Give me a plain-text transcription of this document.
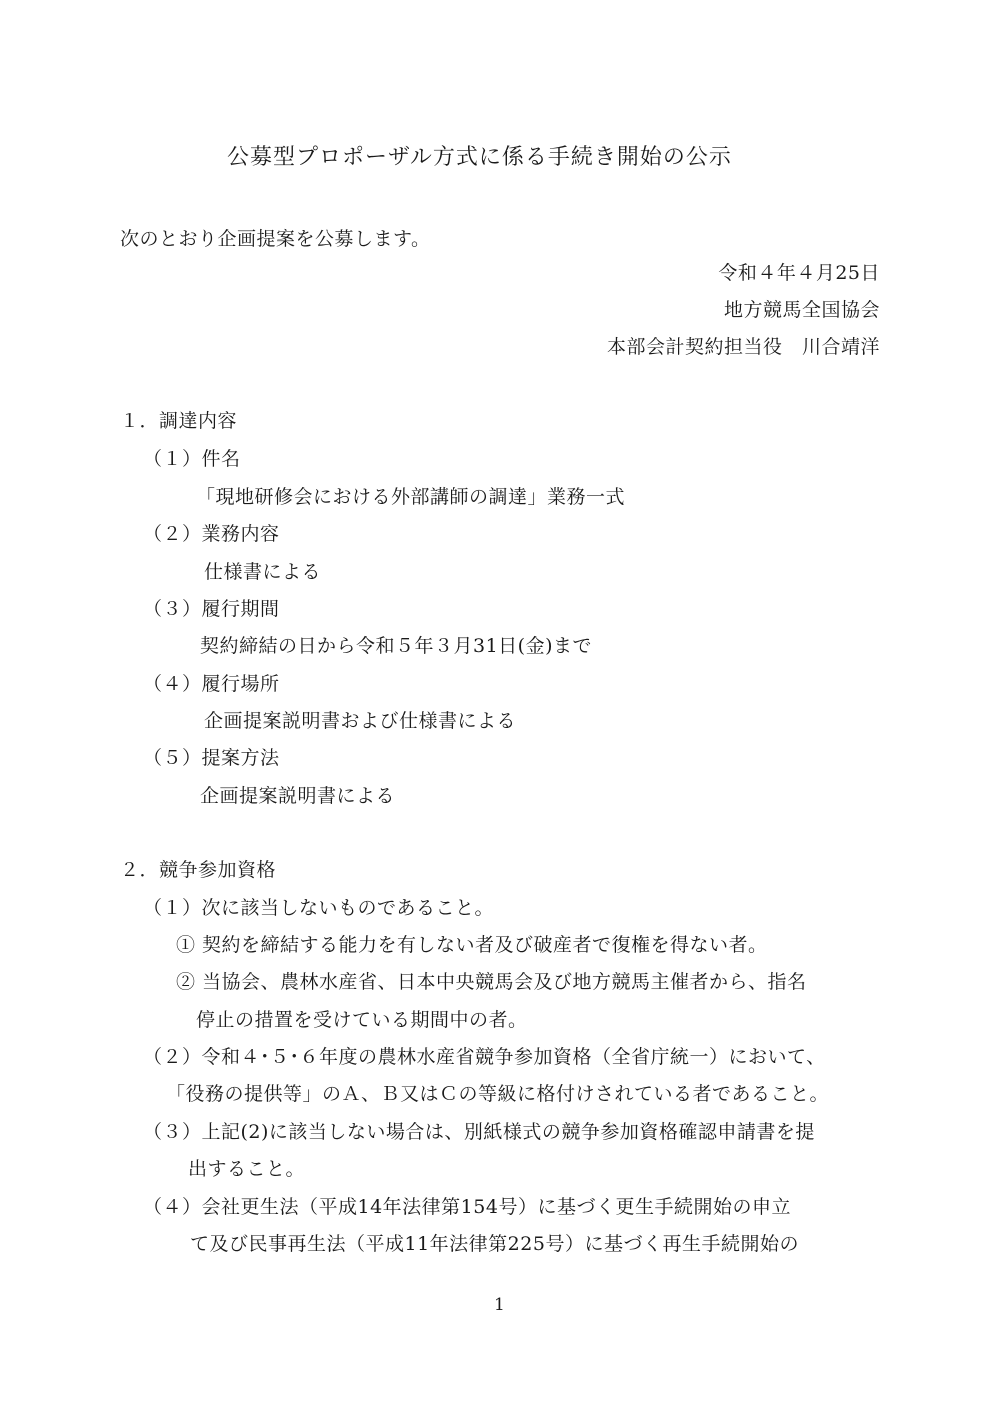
公募型プロポーザル方式に係る手続き開始の公示
次のとおり企画提案を公募します。
令和４年４月25日
地方競馬全国協会
本部会計契約担当役　川合靖洋
１．調達内容
（１）件名
「現地研修会における外部講師の調達」業務一式
（２）業務内容
仕様書による
（３）履行期間
契約締結の日から令和５年３月31日(金)まで
（４）履行場所
企画提案説明書および仕様書による
（５）提案方法
企画提案説明書による
２．競争参加資格
（１）次に該当しないものであること。
① 契約を締結する能力を有しない者及び破産者で復権を得ない者。
② 当協会、農林水産省、日本中央競馬会及び地方競馬主催者から、指名
停止の措置を受けている期間中の者。
（２）令和４･５･６年度の農林水産省競争参加資格（全省庁統一）において、
「役務の提供等」のＡ、Ｂ又はＣの等級に格付けされている者であること。
（３）上記(2)に該当しない場合は、別紙様式の競争参加資格確認申請書を提
出すること。
（４）会社更生法（平成14年法律第154号）に基づく更生手続開始の申立
て及び民事再生法（平成11年法律第225号）に基づく再生手続開始の
1
